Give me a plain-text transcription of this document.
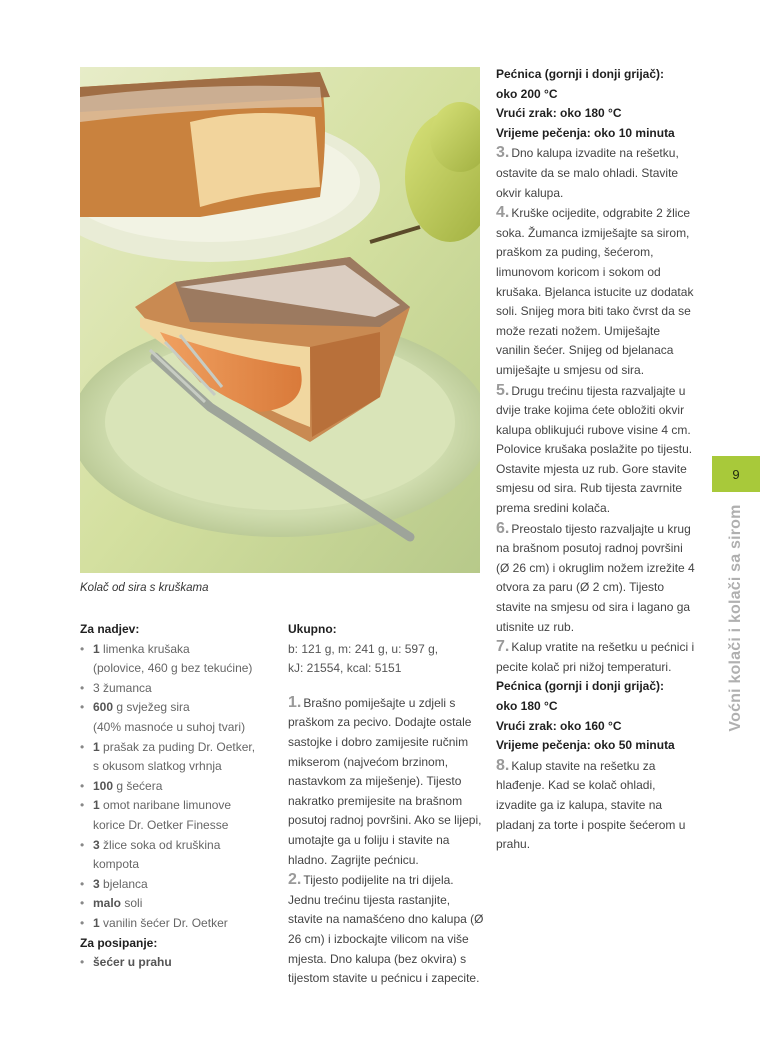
Kolač od sira s kruškama
Za nadjev:
• 1 limenka krušaka
(polovice, 460 g bez tekućine)
• 3 žumanca
• 600 g svježeg sira
(40% masnoće u suhoj tvari)
• 1 prašak za puding Dr. Oetker,
s okusom slatkog vrhnja
• 100 g šećera
• 1 omot naribane limunove
korice Dr. Oetker Finesse
• 3 žlice soka od kruškina
kompota
• 3 bjelanca
• malo soli
• 1 vanilin šećer Dr. Oetker
Za posipanje:
• šećer u prahu
Ukupno:
b: 121 g, m: 241 g, u: 597 g,
kJ: 21554, kcal: 5151

1. Brašno pomiješajte u zdjeli s praškom za pecivo. Dodajte ostale sastojke i dobro zamijesite ručnim mikserom (najvećom brzinom, nastavkom za miješenje). Tijesto nakratko premijesite na brašnom posutoj radnoj površini. Ako se lijepi, umotajte ga u foliju i stavite na hladno. Zagrijte pećnicu.

2. Tijesto podijelite na tri dijela. Jednu trećinu tijesta rastanjite, stavite na namašćeno dno kalupa (Ø 26 cm) i izbockajte vilicom na više mjesta. Dno kalupa (bez okvira) s tijestom stavite u pećnicu i zapecite.

Pećnica (gornji i donji grijač):
oko 200 °C
Vrući zrak: oko 180 °C
Vrijeme pečenja: oko 10 minuta

3. Dno kalupa izvadite na rešetku, ostavite da se malo ohladi. Stavite okvir kalupa.

4. Kruške ocijedite, odgrabite 2 žlice soka. Žumanca izmiješajte sa sirom, praškom za puding, šećerom, limunovom koricom i sokom od krušaka. Bjelanca istucite uz dodatak soli. Snijeg mora biti tako čvrst da se može rezati nožem. Umiješajte vanilin šećer. Snijeg od bjelanaca umiješajte u smjesu od sira.

5. Drugu trećinu tijesta razvaljajte u dvije trake kojima ćete obložiti okvir kalupa oblikujući rubove visine 4 cm. Polovice krušaka poslažite po tijestu. Ostavite mjesta uz rub. Gore stavite smjesu od sira. Rub tijesta zavrnite prema sredini kolača.

6. Preostalo tijesto razvaljajte u krug na brašnom posutoj radnoj površini (Ø 26 cm) i okruglim nožem izrežite 4 otvora za paru (Ø 2 cm). Tijesto stavite na smjesu od sira i lagano ga utisnite uz rub.

7. Kalup vratite na rešetku u pećnici i pecite kolač pri nižoj temperaturi.

Pećnica (gornji i donji grijač):
oko 180 °C
Vrući zrak: oko 160 °C
Vrijeme pečenja: oko 50 minuta

8. Kalup stavite na rešetku za hlađenje. Kad se kolač ohladi, izvadite ga iz kalupa, stavite na pladanj za torte i pospite šećerom u prahu.

9
Voćni kolači i kolači sa sirom
